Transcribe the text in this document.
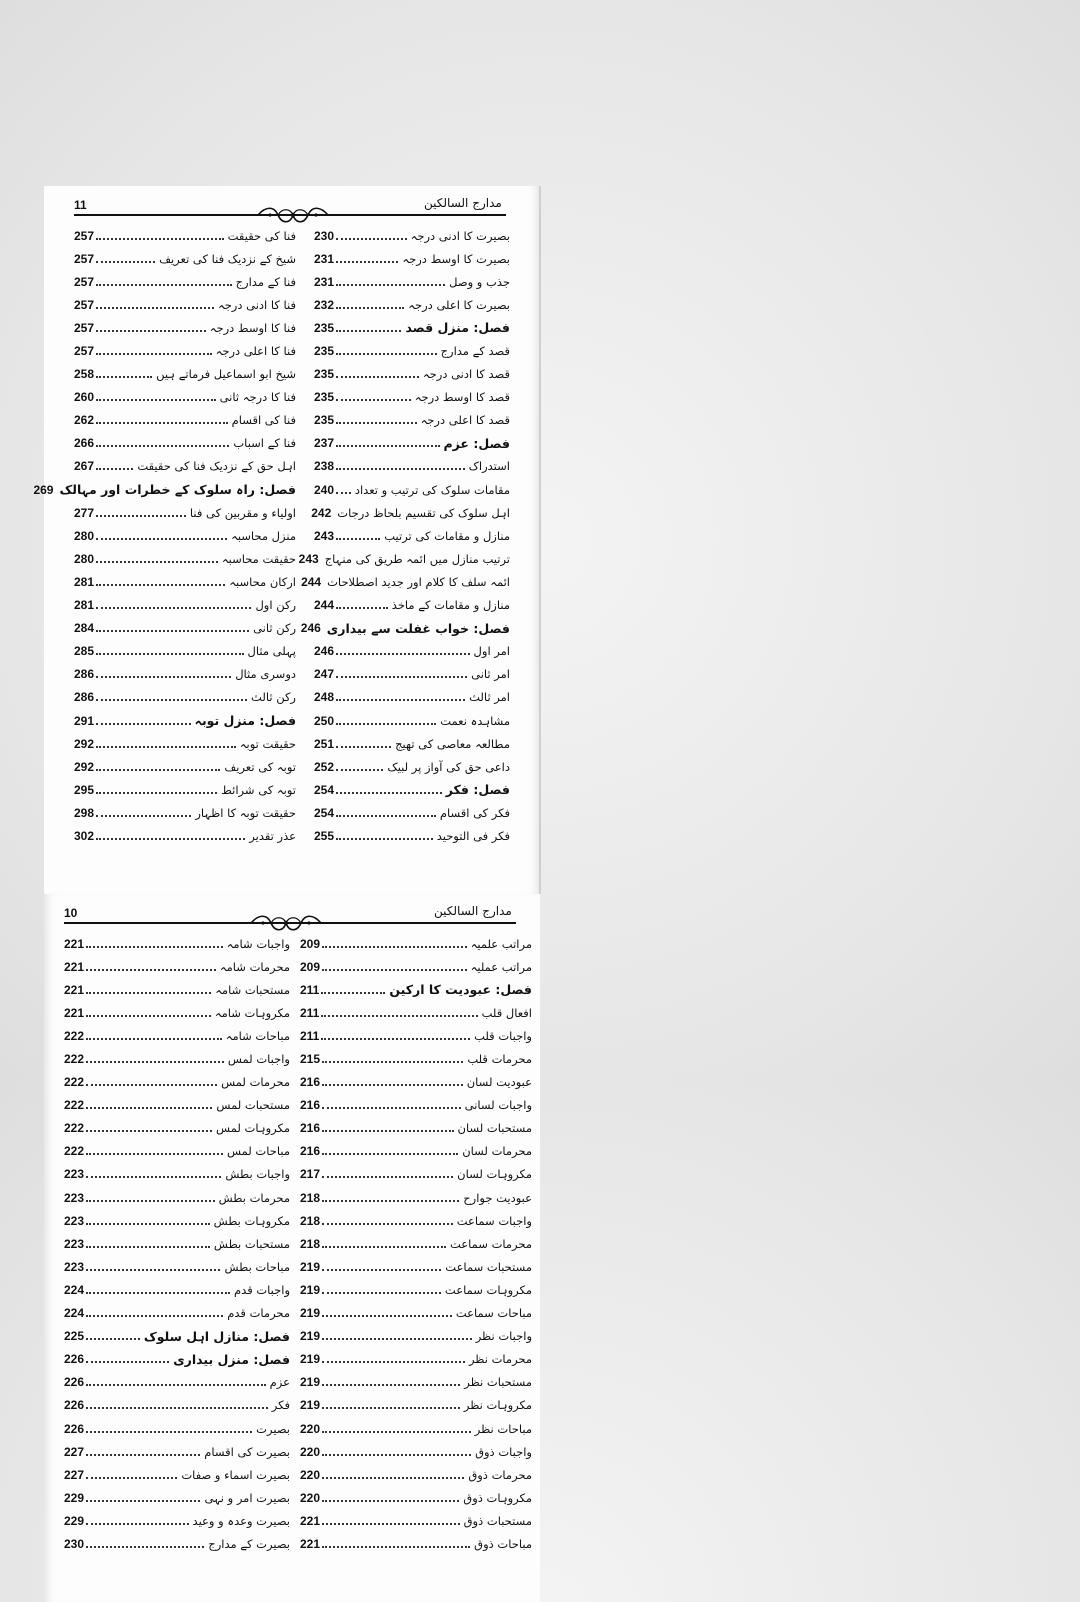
11	مدارج السالکین
بصیرت کا ادنی درجہ
230
بصیرت کا اوسط درجہ
231
جذب و وصل
231
بصیرت کا اعلی درجہ
232
فصل: منزل قصد
235
قصد کے مدارج
235
قصد کا ادنی درجہ
235
قصد کا اوسط درجہ
235
قصد کا اعلی درجہ
235
فصل: عزم
237
استدراک
238
مقامات سلوک کی ترتیب و تعداد
240
اہل سلوک کی تقسیم بلحاظ درجات
242
منازل و مقامات کی ترتیب
243
ترتیب منازل میں ائمہ طریق کی منہاج
243
ائمہ سلف کا کلام اور جدید اصطلاحات
244
منازل و مقامات کے ماخذ
244
فصل: خواب غفلت سے بیداری
246
امر اول
246
امر ثانی
247
امر ثالث
248
مشاہدہ نعمت
250
مطالعہ معاصی کی تھیج
251
داعی حق کی آواز پر لبیک
252
فصل: فکر
254
فکر کی اقسام
254
فکر فی التوحید
255
فنا کی حقیقت
257
شیخ کے نزدیک فنا کی تعریف
257
فنا کے مدارج
257
فنا کا ادنی درجہ
257
فنا کا اوسط درجہ
257
فنا کا اعلی درجہ
257
شیخ ابو اسماعیل فرماتے ہیں
258
فنا کا درجہ ثانی
260
فنا کی اقسام
262
فنا کے اسباب
266
اہل حق کے نزدیک فنا کی حقیقت
267
فصل: راہ سلوک کے خطرات اور مہالک
269
اولیاء و مقربین کی فنا
277
منزل محاسبہ
280
حقیقت محاسبہ
280
ارکان محاسبہ
281
رکن اول
281
رکن ثانی
284
پہلی مثال
285
دوسری مثال
286
رکن ثالث
286
فصل: منزل توبہ
291
حقیقت توبہ
292
توبہ کی تعریف
292
توبہ کی شرائط
295
حقیقت توبہ کا اظہار
298
عذر تقدیر
302
10	مدارج السالکین
مراتب علمیہ
209
مراتب عملیہ
209
فصل: عبودیت کا ارکین
211
افعال قلب
211
واجبات قلب
211
محرمات قلب
215
عبودیت لسان
216
واجبات لسانی
216
مستحبات لسان
216
محرمات لسان
216
مکروہات لسان
217
عبودیت جوارح
218
واجبات سماعت
218
محرمات سماعت
218
مستحبات سماعت
219
مکروہات سماعت
219
مباحات سماعت
219
واجبات نظر
219
محرمات نظر
219
مستحبات نظر
219
مکروہات نظر
219
مباحات نظر
220
واجبات ذوق
220
محرمات ذوق
220
مکروہات ذوق
220
مستحبات ذوق
221
مباحات ذوق
221
واجبات شامہ
221
محرمات شامہ
221
مستحبات شامہ
221
مکروہات شامہ
221
مباحات شامہ
222
واجبات لمس
222
محرمات لمس
222
مستحبات لمس
222
مکروہات لمس
222
مباحات لمس
222
واجبات بطش
223
محرمات بطش
223
مکروہات بطش
223
مستحبات بطش
223
مباحات بطش
223
واجبات قدم
224
محرمات قدم
224
فصل: منازل اہل سلوک
225
فصل: منزل بیداری
226
عزم
226
فکر
226
بصیرت
226
بصیرت کی اقسام
227
بصیرت اسماء و صفات
227
بصیرت امر و نہی
229
بصیرت وعدہ و وعید
229
بصیرت کے مدارج
230
